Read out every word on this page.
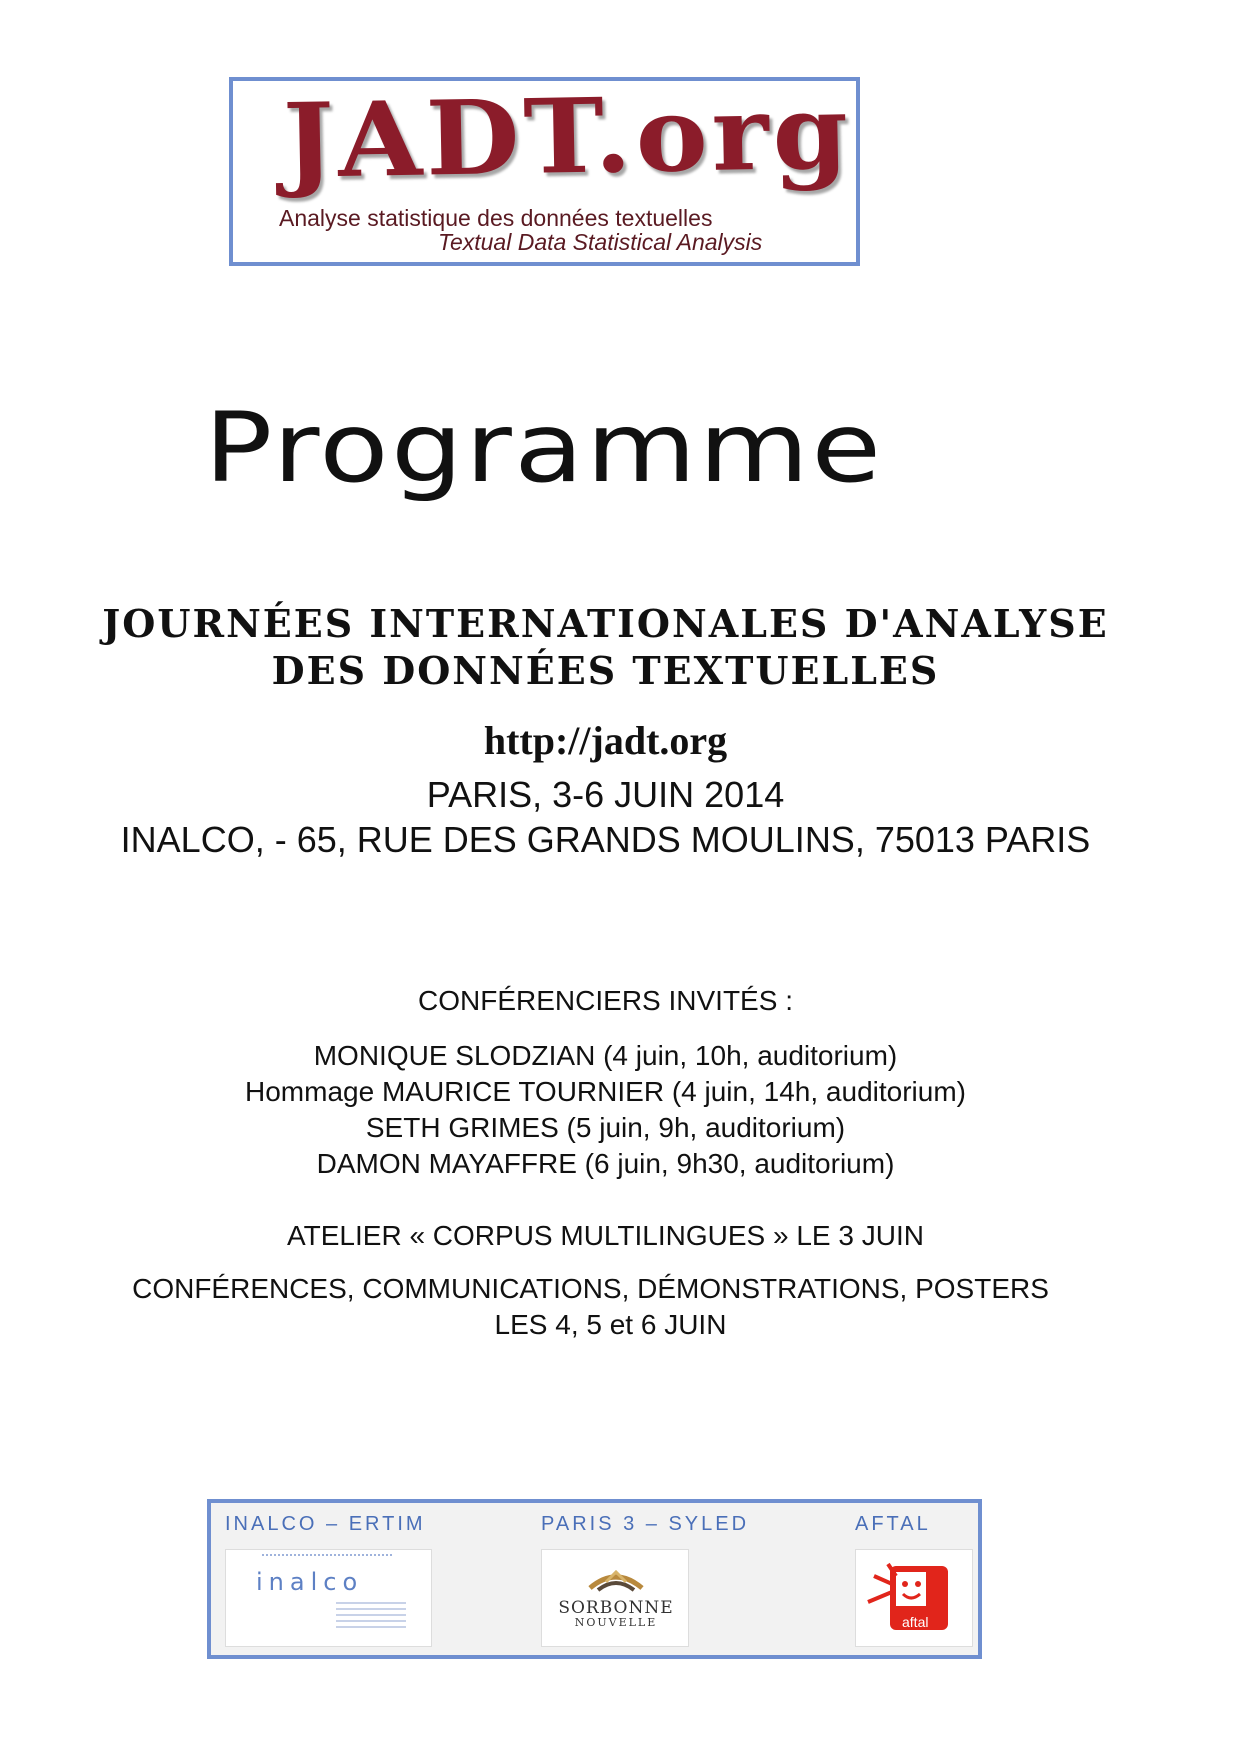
JADT.org
Analyse statistique des données textuelles
Textual Data Statistical Analysis
Programme
JOURNÉES INTERNATIONALES D'ANALYSE
DES DONNÉES TEXTUELLES
http://jadt.org
PARIS, 3-6 JUIN 2014
INALCO, - 65, RUE DES GRANDS MOULINS, 75013 PARIS
CONFÉRENCIERS INVITÉS :
MONIQUE SLODZIAN (4 juin, 10h, auditorium)
Hommage MAURICE TOURNIER (4 juin, 14h, auditorium)
SETH GRIMES (5 juin, 9h, auditorium)
DAMON MAYAFFRE (6 juin, 9h30, auditorium)
ATELIER « CORPUS MULTILINGUES » LE 3 JUIN
CONFÉRENCES, COMMUNICATIONS, DÉMONSTRATIONS, POSTERS
LES 4, 5 et 6 JUIN
INALCO – ERTIM	PARIS 3 – SYLED	AFTAL
inalco
SORBONNE
NOUVELLE	aftal
